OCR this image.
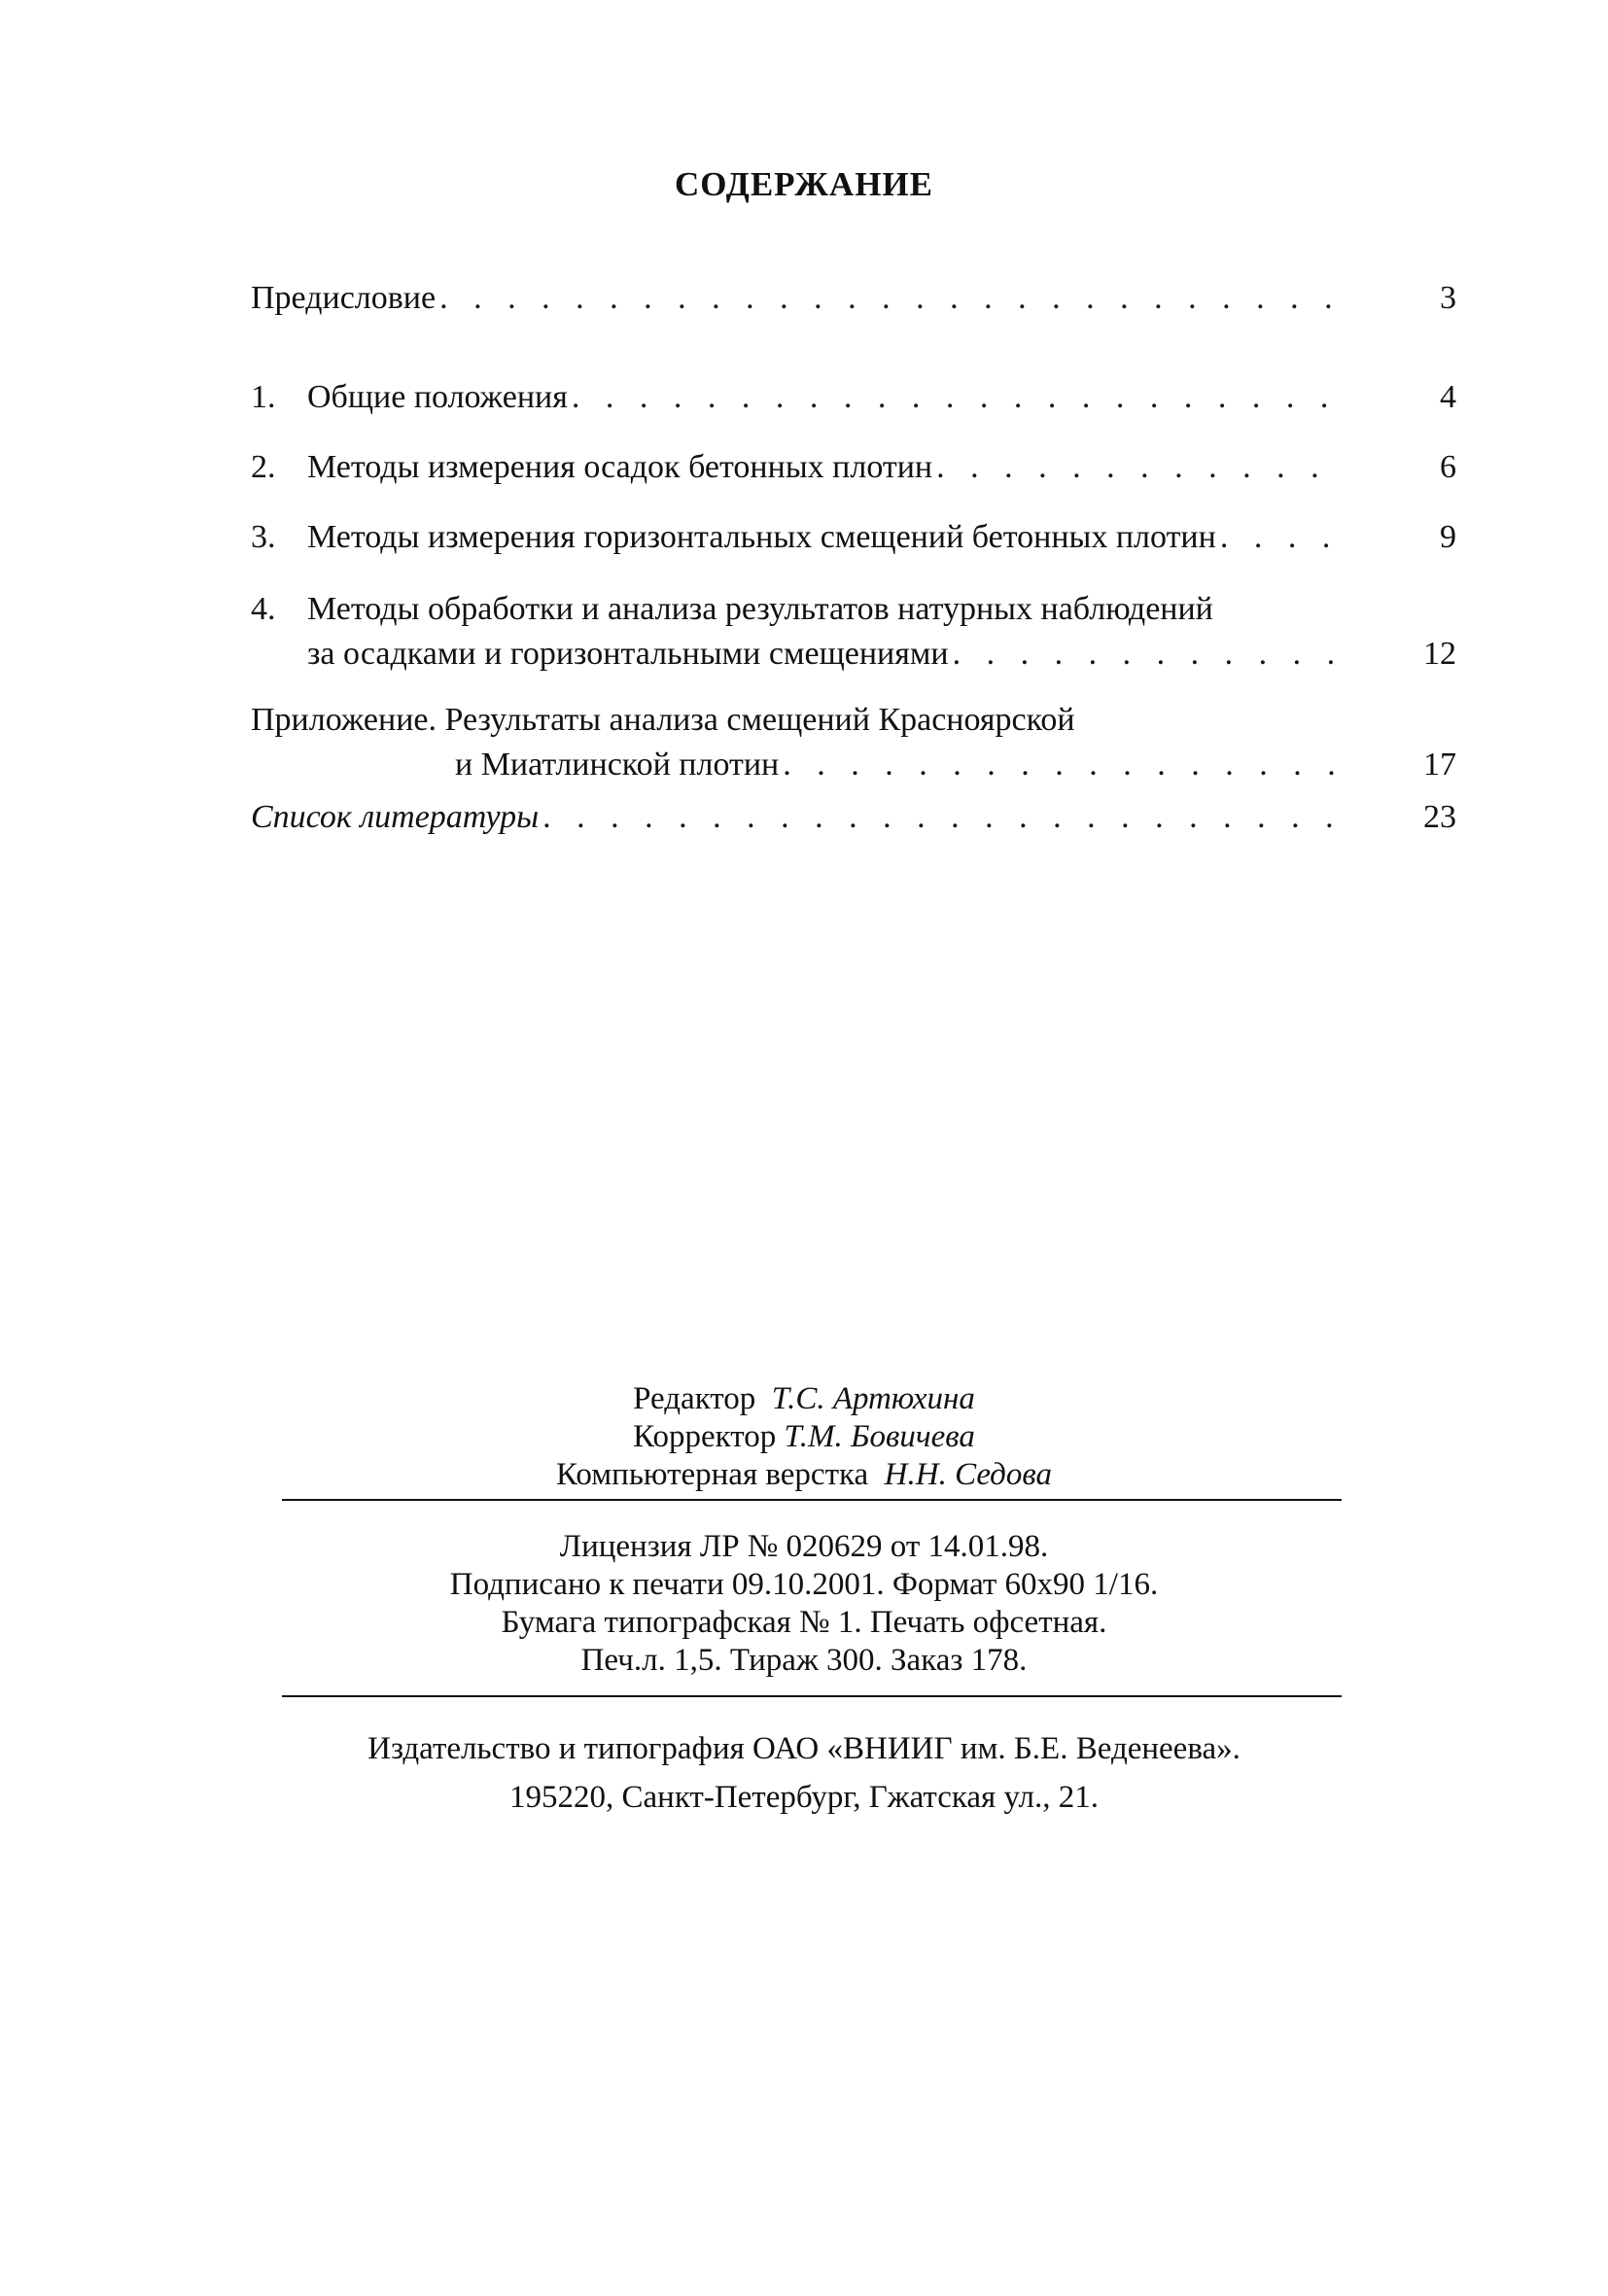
СОДЕРЖАНИЕ
Предисловие . . .	3
1. Общие положения . . .	4
2. Методы измерения осадок бетонных плотин . . .	6
3. Методы измерения горизонтальных смещений бетонных плотин . . .	9
4. Методы обработки и анализа результатов натурных наблюдений
за осадками и горизонтальными смещениями . . .	12
Приложение. Результаты анализа смещений Красноярской
и Миатлинской плотин . . .	17
Список литературы . . .	23
Редактор Т.С. Артюхина
Корректор Т.М. Бовичева
Компьютерная верстка Н.Н. Седова
Лицензия ЛР № 020629 от 14.01.98.
Подписано к печати 09.10.2001. Формат 60х90 1/16.
Бумага типографская № 1. Печать офсетная.
Печ.л. 1,5. Тираж 300. Заказ 178.
Издательство и типография ОАО «ВНИИГ им. Б.Е. Веденеева».
195220, Санкт-Петербург, Гжатская ул., 21.
